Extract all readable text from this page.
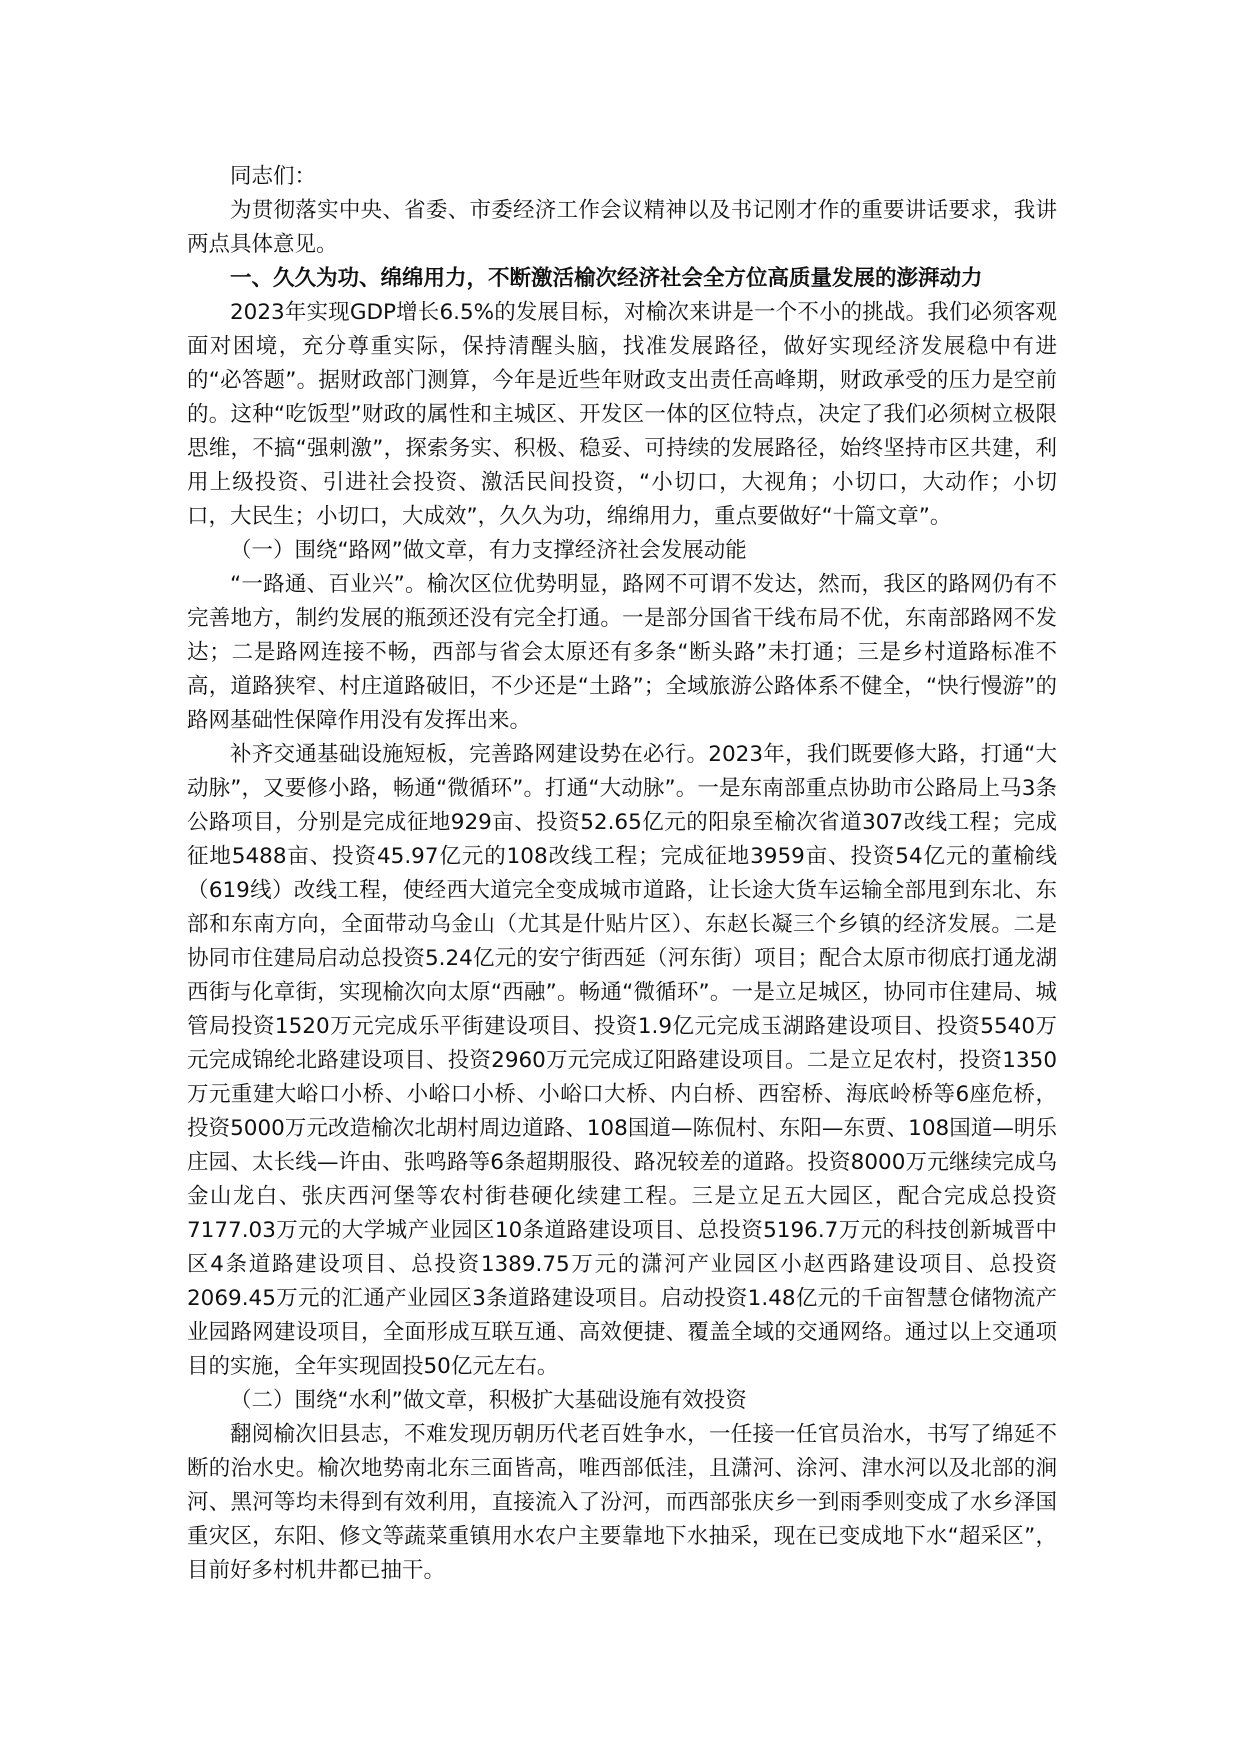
同志们：

为贯彻落实中央、省委、市委经济工作会议精神以及书记刚才作的重要讲话要求，我讲两点具体意见。

一、久久为功、绵绵用力，不断激活榆次经济社会全方位高质量发展的澎湃动力

2023年实现GDP增长6.5%的发展目标，对榆次来讲是一个不小的挑战。我们必须客观面对困境，充分尊重实际，保持清醒头脑，找准发展路径，做好实现经济发展稳中有进的“必答题”。据财政部门测算，今年是近些年财政支出责任高峰期，财政承受的压力是空前的。这种“吃饭型”财政的属性和主城区、开发区一体的区位特点，决定了我们必须树立极限思维，不搞“强刺激”，探索务实、积极、稳妥、可持续的发展路径，始终坚持市区共建，利用上级投资、引进社会投资、激活民间投资，“小切口，大视角；小切口，大动作；小切口，大民生；小切口，大成效”，久久为功，绵绵用力，重点要做好“十篇文章”。

（一）围绕“路网”做文章，有力支撑经济社会发展动能

“一路通、百业兴”。榆次区位优势明显，路网不可谓不发达，然而，我区的路网仍有不完善地方，制约发展的瓶颈还没有完全打通。一是部分国省干线布局不优，东南部路网不发达；二是路网连接不畅，西部与省会太原还有多条“断头路”未打通；三是乡村道路标准不高，道路狭窄、村庄道路破旧，不少还是“土路”；全域旅游公路体系不健全，“快行慢游”的路网基础性保障作用没有发挥出来。

补齐交通基础设施短板，完善路网建设势在必行。2023年，我们既要修大路，打通“大动脉”，又要修小路，畅通“微循环”。打通“大动脉”。一是东南部重点协助市公路局上马3条公路项目，分别是完成征地929亩、投资52.65亿元的阳泉至榆次省道307改线工程；完成征地5488亩、投资45.97亿元的108改线工程；完成征地3959亩、投资54亿元的董榆线（619线）改线工程，使经西大道完全变成城市道路，让长途大货车运输全部甩到东北、东部和东南方向，全面带动乌金山（尤其是什贴片区）、东赵长凝三个乡镇的经济发展。二是协同市住建局启动总投资5.24亿元的安宁街西延（河东街）项目；配合太原市彻底打通龙湖西街与化章街，实现榆次向太原“西融”。畅通“微循环”。一是立足城区，协同市住建局、城管局投资1520万元完成乐平街建设项目、投资1.9亿元完成玉湖路建设项目、投资5540万元完成锦纶北路建设项目、投资2960万元完成辽阳路建设项目。二是立足农村，投资1350万元重建大峪口小桥、小峪口小桥、小峪口大桥、内白桥、西窑桥、海底岭桥等6座危桥，投资5000万元改造榆次北胡村周边道路、108国道—陈侃村、东阳—东贾、108国道—明乐庄园、太长线—许由、张鸣路等6条超期服役、路况较差的道路。投资8000万元继续完成乌金山龙白、张庆西河堡等农村街巷硬化续建工程。三是立足五大园区，配合完成总投资7177.03万元的大学城产业园区10条道路建设项目、总投资5196.7万元的科技创新城晋中区4条道路建设项目、总投资1389.75万元的潇河产业园区小赵西路建设项目、总投资2069.45万元的汇通产业园区3条道路建设项目。启动投资1.48亿元的千亩智慧仓储物流产业园路网建设项目，全面形成互联互通、高效便捷、覆盖全域的交通网络。通过以上交通项目的实施，全年实现固投50亿元左右。

（二）围绕“水利”做文章，积极扩大基础设施有效投资

翻阅榆次旧县志，不难发现历朝历代老百姓争水，一任接一任官员治水，书写了绵延不断的治水史。榆次地势南北东三面皆高，唯西部低洼，且潇河、涂河、津水河以及北部的涧河、黑河等均未得到有效利用，直接流入了汾河，而西部张庆乡一到雨季则变成了水乡泽国重灾区，东阳、修文等蔬菜重镇用水农户主要靠地下水抽采，现在已变成地下水“超采区”，目前好多村机井都已抽干。
